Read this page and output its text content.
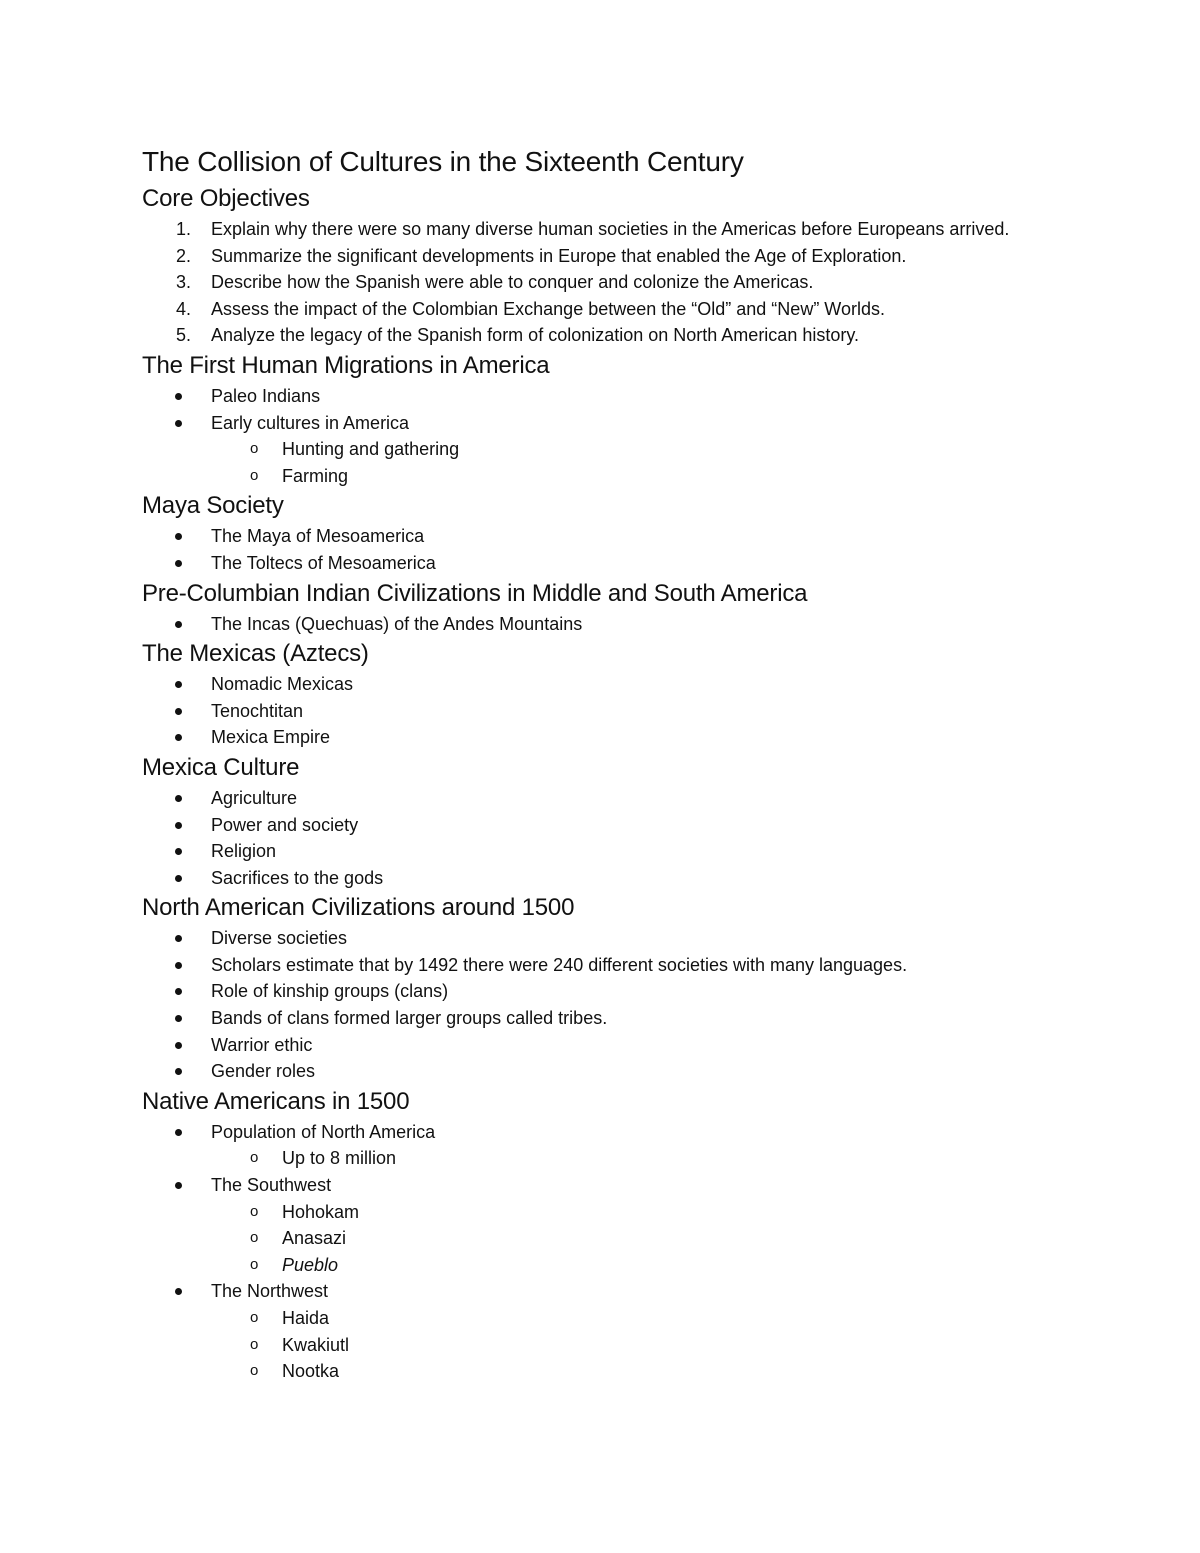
The Collision of Cultures in the Sixteenth Century
Core Objectives
1. Explain why there were so many diverse human societies in the Americas before Europeans arrived.
2. Summarize the significant developments in Europe that enabled the Age of Exploration.
3. Describe how the Spanish were able to conquer and colonize the Americas.
4. Assess the impact of the Colombian Exchange between the “Old” and “New” Worlds.
5. Analyze the legacy of the Spanish form of colonization on North American history.
The First Human Migrations in America
Paleo Indians
Early cultures in America
o Hunting and gathering
o Farming
Maya Society
The Maya of Mesoamerica
The Toltecs of Mesoamerica
Pre-Columbian Indian Civilizations in Middle and South America
The Incas (Quechuas) of the Andes Mountains
The Mexicas (Aztecs)
Nomadic Mexicas
Tenochtitan
Mexica Empire
Mexica Culture
Agriculture
Power and society
Religion
Sacrifices to the gods
North American Civilizations around 1500
Diverse societies
Scholars estimate that by 1492 there were 240 different societies with many languages.
Role of kinship groups (clans)
Bands of clans formed larger groups called tribes.
Warrior ethic
Gender roles
Native Americans in 1500
Population of North America
o Up to 8 million
The Southwest
o Hohokam
o Anasazi
o Pueblo
The Northwest
o Haida
o Kwakiutl
o Nootka
